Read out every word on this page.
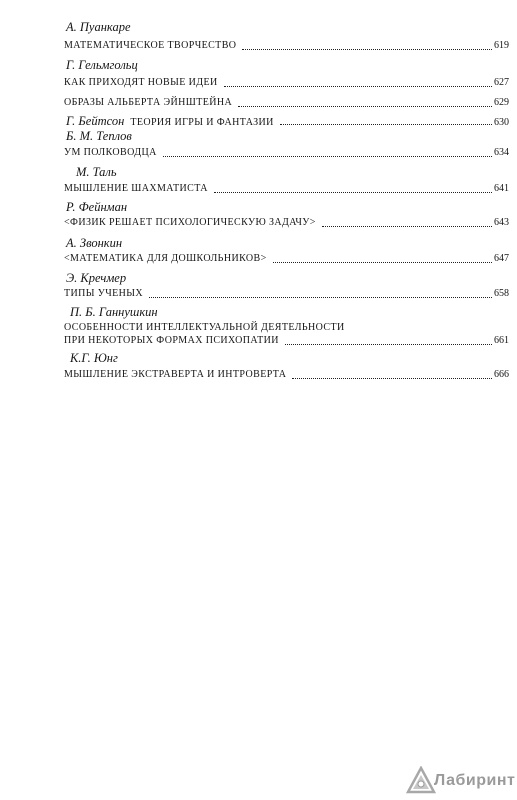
А. Пуанкаре
МАТЕМАТИЧЕСКОЕ ТВОРЧЕСТВО	619
Г. Гельмгольц
КАК ПРИХОДЯТ НОВЫЕ ИДЕИ	627
ОБРАЗЫ АЛЬБЕРТА ЭЙНШТЕЙНА	629
Г. Бейтсон ТЕОРИЯ ИГРЫ И ФАНТАЗИИ	630
Б. М. Теплов
УМ ПОЛКОВОДЦА	634
М. Таль
МЫШЛЕНИЕ ШАХМАТИСТА	641
Р. Фейнман
<ФИЗИК РЕШАЕТ ПСИХОЛОГИЧЕСКУЮ ЗАДАЧУ>	643
А. Звонкин
<МАТЕМАТИКА ДЛЯ ДОШКОЛЬНИКОВ>	647
Э. Кречмер
ТИПЫ УЧЕНЫХ	658
П. Б. Ганнушкин
ОСОБЕННОСТИ ИНТЕЛЛЕКТУАЛЬНОЙ ДЕЯТЕЛЬНОСТИ
ПРИ НЕКОТОРЫХ ФОРМАХ ПСИХОПАТИИ	661
К.Г. Юнг
МЫШЛЕНИЕ ЭКСТРАВЕРТА И ИНТРОВЕРТА	666
Лабиринт
